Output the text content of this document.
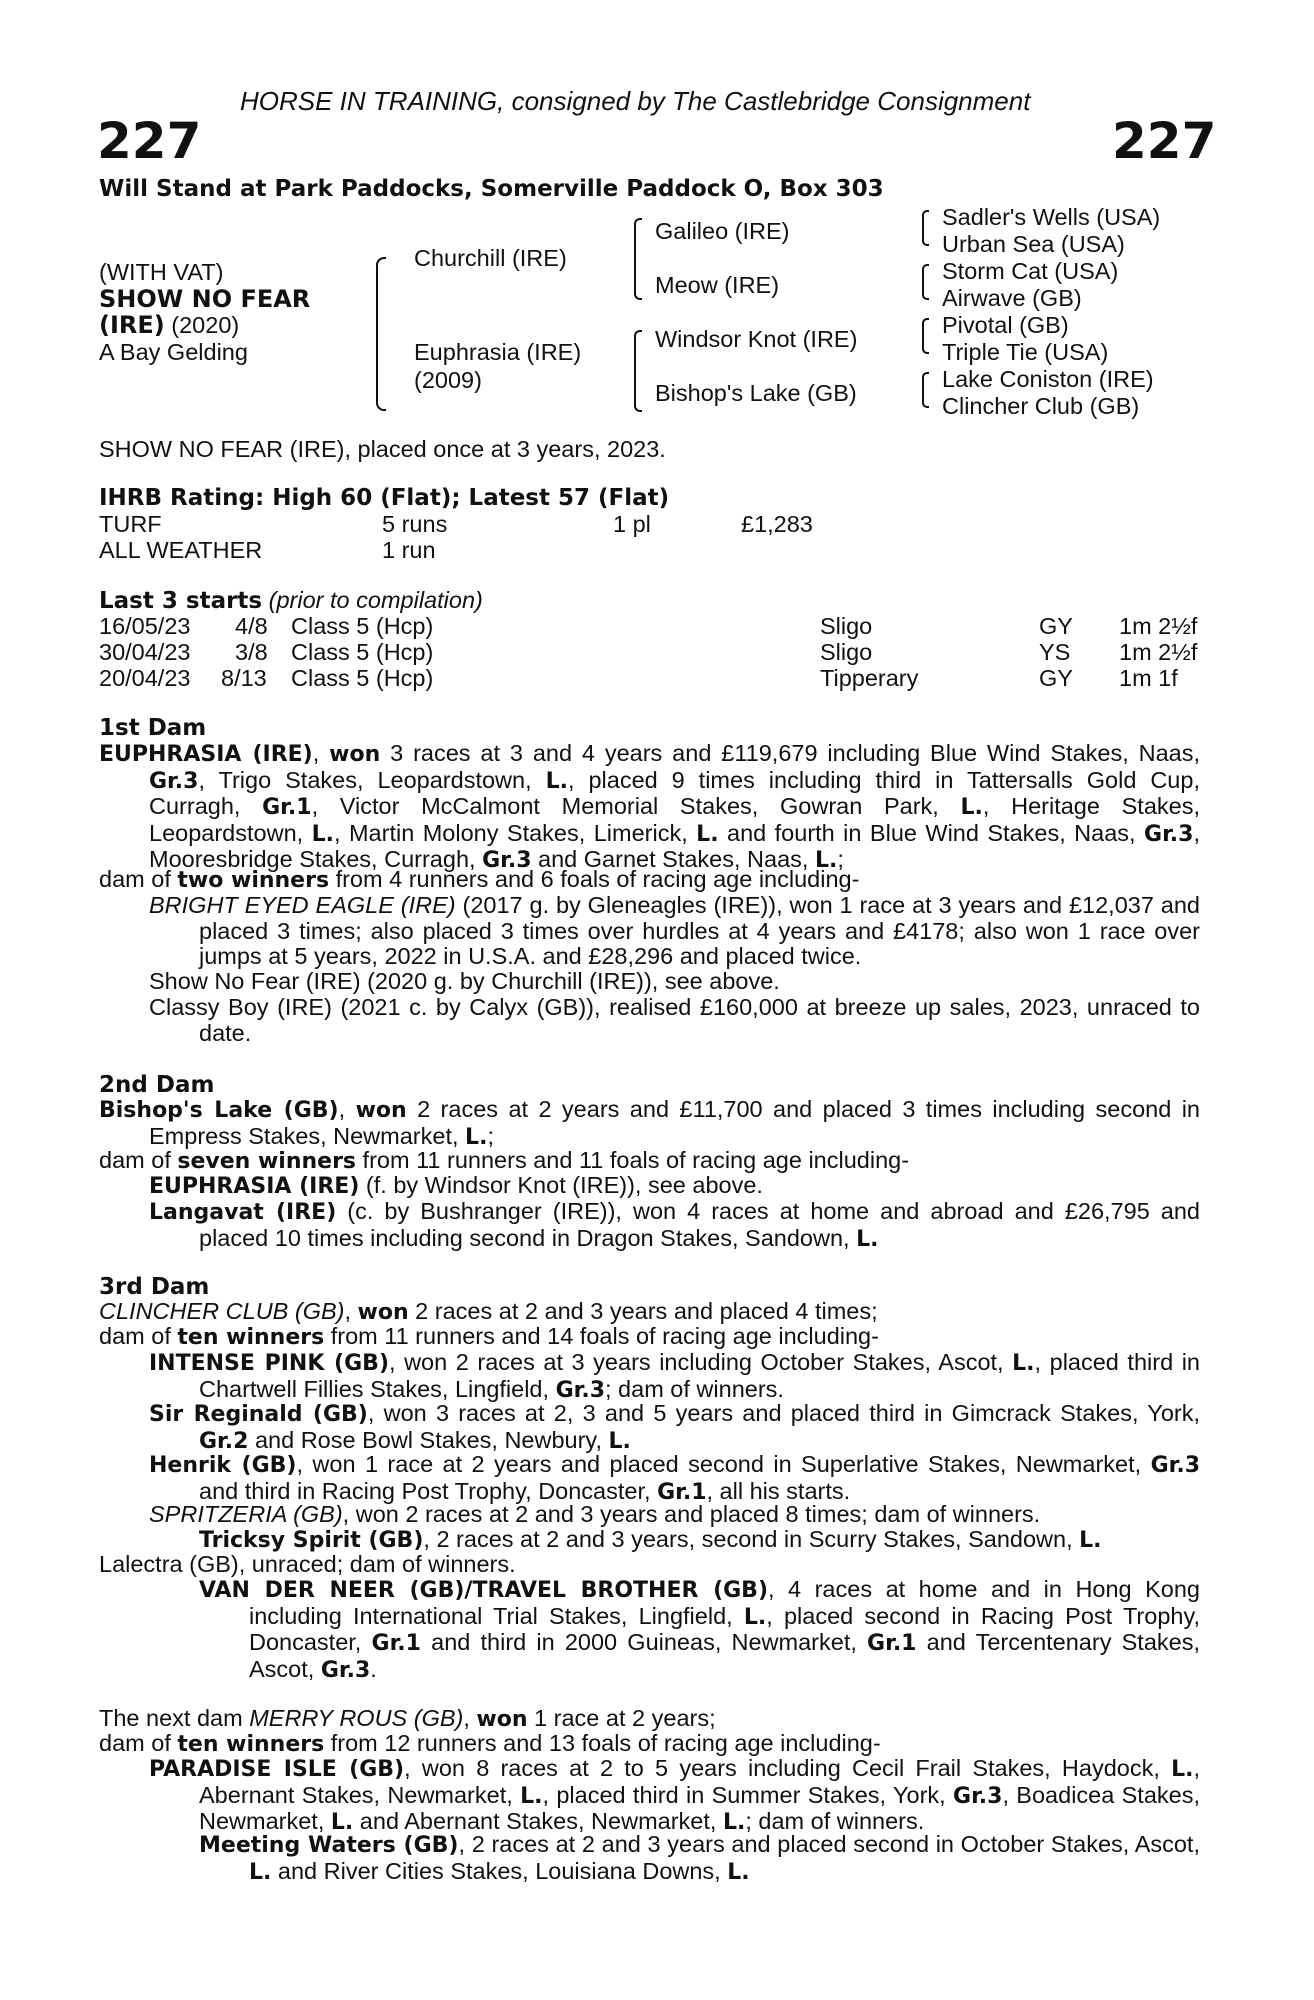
HORSE IN TRAINING, consigned by The Castlebridge Consignment
227	227
Will Stand at Park Paddocks, Somerville Paddock O, Box 303
(WITH VAT)
SHOW NO FEAR
(IRE) (2020)
A Bay Gelding
Churchill (IRE)
Euphrasia (IRE)
(2009)
Galileo (IRE)
Meow (IRE)
Windsor Knot (IRE)
Bishop's Lake (GB)
Sadler's Wells (USA)
Urban Sea (USA)
Storm Cat (USA)
Airwave (GB)
Pivotal (GB)
Triple Tie (USA)
Lake Coniston (IRE)
Clincher Club (GB)
SHOW NO FEAR (IRE), placed once at 3 years, 2023.
IHRB Rating: High 60 (Flat); Latest 57 (Flat)
TURF	5 runs	1 pl	£1,283
ALL WEATHER	1 run
Last 3 starts (prior to compilation)
16/05/23 4/8 Class 5 (Hcp)	Sligo	GY 1m 2½f
30/04/23 3/8 Class 5 (Hcp)	Sligo	YS 1m 2½f
20/04/23 8/13 Class 5 (Hcp)	Tipperary	GY 1m 1f
1st Dam
EUPHRASIA (IRE), won 3 races at 3 and 4 years and £119,679 including Blue Wind Stakes, Naas, Gr.3, Trigo Stakes, Leopardstown, L., placed 9 times including third in Tattersalls Gold Cup, Curragh, Gr.1, Victor McCalmont Memorial Stakes, Gowran Park, L., Heritage Stakes, Leopardstown, L., Martin Molony Stakes, Limerick, L. and fourth in Blue Wind Stakes, Naas, Gr.3, Mooresbridge Stakes, Curragh, Gr.3 and Garnet Stakes, Naas, L.;
dam of two winners from 4 runners and 6 foals of racing age including-
BRIGHT EYED EAGLE (IRE) (2017 g. by Gleneagles (IRE)), won 1 race at 3 years and £12,037 and placed 3 times; also placed 3 times over hurdles at 4 years and £4178; also won 1 race over jumps at 5 years, 2022 in U.S.A. and £28,296 and placed twice.
Show No Fear (IRE) (2020 g. by Churchill (IRE)), see above.
Classy Boy (IRE) (2021 c. by Calyx (GB)), realised £160,000 at breeze up sales, 2023, unraced to date.
2nd Dam
Bishop's Lake (GB), won 2 races at 2 years and £11,700 and placed 3 times including second in Empress Stakes, Newmarket, L.;
dam of seven winners from 11 runners and 11 foals of racing age including-
EUPHRASIA (IRE) (f. by Windsor Knot (IRE)), see above.
Langavat (IRE) (c. by Bushranger (IRE)), won 4 races at home and abroad and £26,795 and placed 10 times including second in Dragon Stakes, Sandown, L.
3rd Dam
CLINCHER CLUB (GB), won 2 races at 2 and 3 years and placed 4 times;
dam of ten winners from 11 runners and 14 foals of racing age including-
INTENSE PINK (GB), won 2 races at 3 years including October Stakes, Ascot, L., placed third in Chartwell Fillies Stakes, Lingfield, Gr.3; dam of winners.
Sir Reginald (GB), won 3 races at 2, 3 and 5 years and placed third in Gimcrack Stakes, York, Gr.2 and Rose Bowl Stakes, Newbury, L.
Henrik (GB), won 1 race at 2 years and placed second in Superlative Stakes, Newmarket, Gr.3 and third in Racing Post Trophy, Doncaster, Gr.1, all his starts.
SPRITZERIA (GB), won 2 races at 2 and 3 years and placed 8 times; dam of winners.
Tricksy Spirit (GB), 2 races at 2 and 3 years, second in Scurry Stakes, Sandown, L.
Lalectra (GB), unraced; dam of winners.
VAN DER NEER (GB)/TRAVEL BROTHER (GB), 4 races at home and in Hong Kong including International Trial Stakes, Lingfield, L., placed second in Racing Post Trophy, Doncaster, Gr.1 and third in 2000 Guineas, Newmarket, Gr.1 and Tercentenary Stakes, Ascot, Gr.3.
The next dam MERRY ROUS (GB), won 1 race at 2 years;
dam of ten winners from 12 runners and 13 foals of racing age including-
PARADISE ISLE (GB), won 8 races at 2 to 5 years including Cecil Frail Stakes, Haydock, L., Abernant Stakes, Newmarket, L., placed third in Summer Stakes, York, Gr.3, Boadicea Stakes, Newmarket, L. and Abernant Stakes, Newmarket, L.; dam of winners.
Meeting Waters (GB), 2 races at 2 and 3 years and placed second in October Stakes, Ascot, L. and River Cities Stakes, Louisiana Downs, L.
